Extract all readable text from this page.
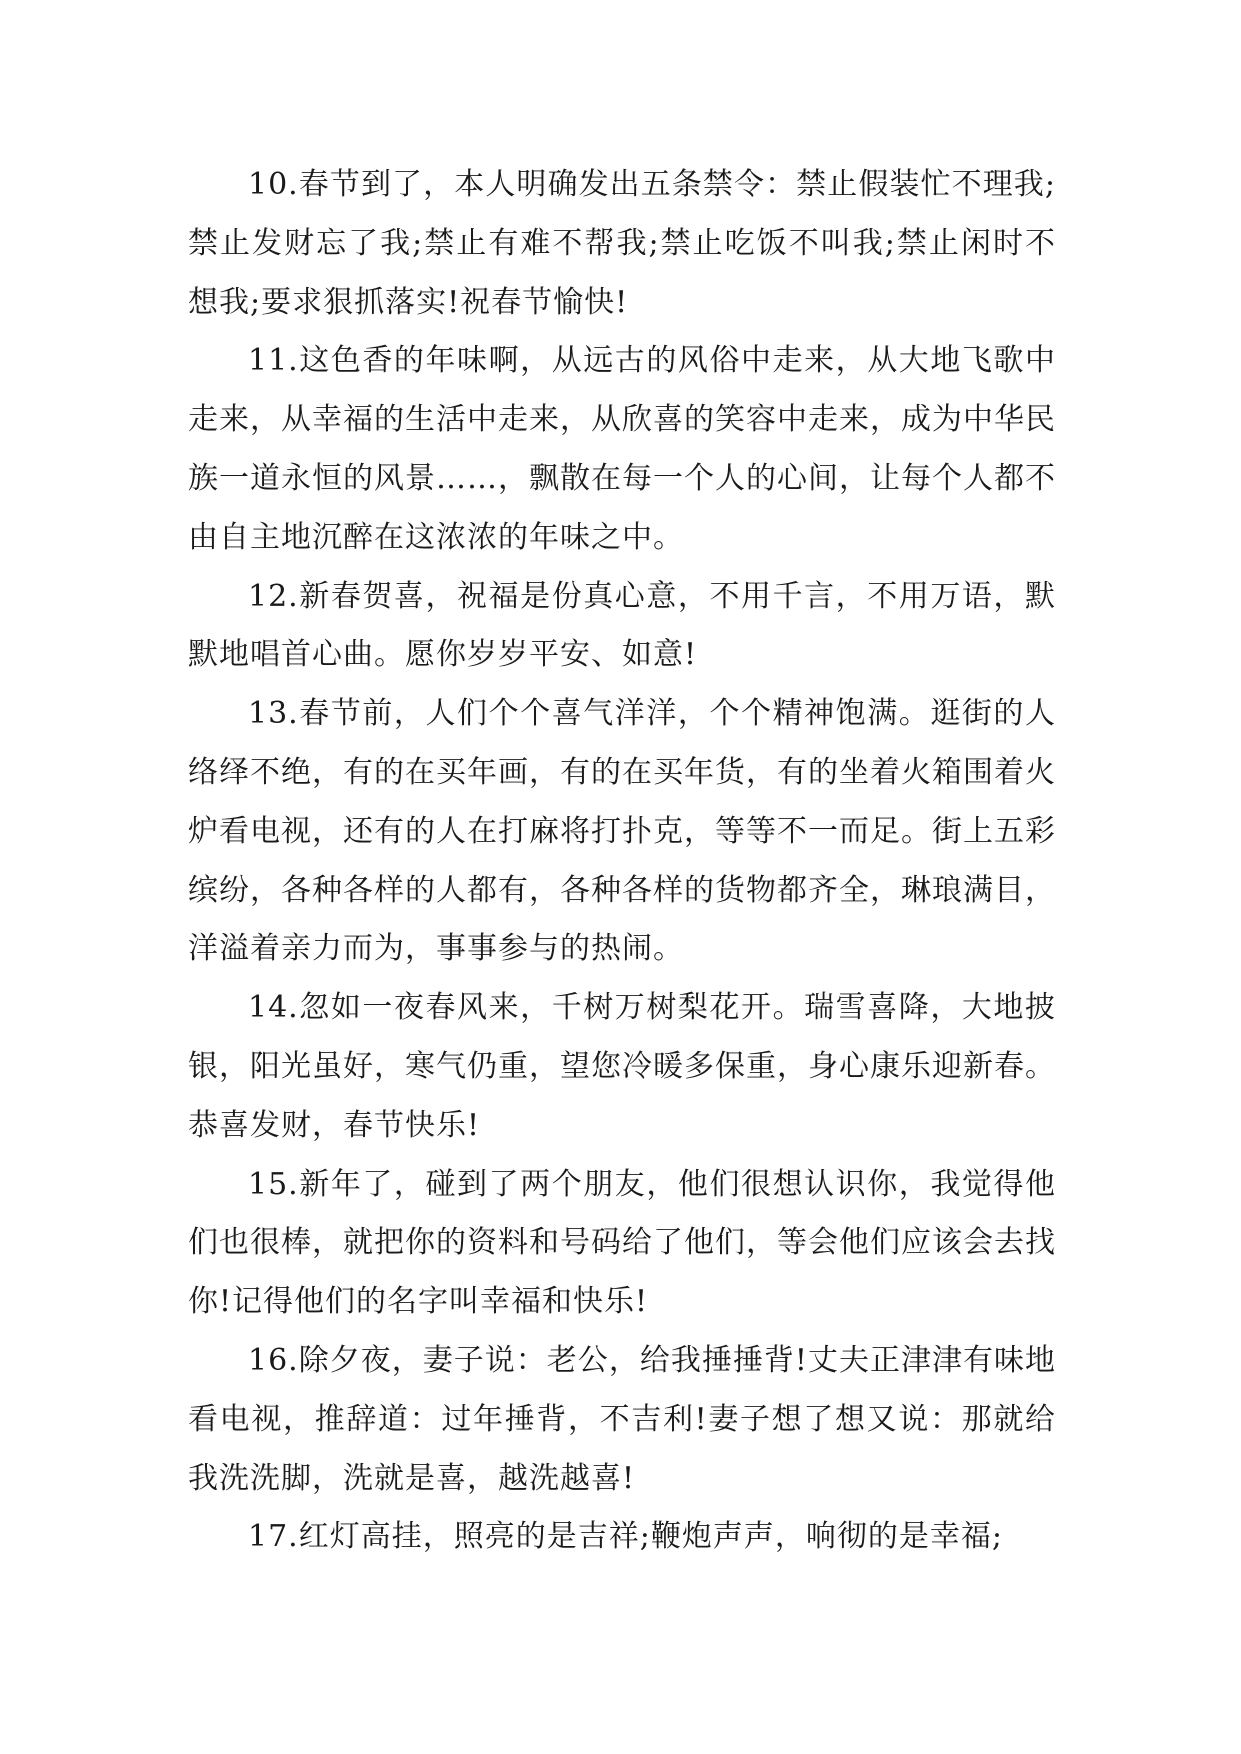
10.春节到了，本人明确发出五条禁令：禁止假装忙不理我;禁止发财忘了我;禁止有难不帮我;禁止吃饭不叫我;禁止闲时不想我;要求狠抓落实!祝春节愉快!

11.这色香的年味啊，从远古的风俗中走来，从大地飞歌中走来，从幸福的生活中走来，从欣喜的笑容中走来，成为中华民族一道永恒的风景……，飘散在每一个人的心间，让每个人都不由自主地沉醉在这浓浓的年味之中。

12.新春贺喜，祝福是份真心意，不用千言，不用万语，默默地唱首心曲。愿你岁岁平安、如意!

13.春节前，人们个个喜气洋洋，个个精神饱满。逛街的人络绎不绝，有的在买年画，有的在买年货，有的坐着火箱围着火炉看电视，还有的人在打麻将打扑克，等等不一而足。街上五彩缤纷，各种各样的人都有，各种各样的货物都齐全，琳琅满目，洋溢着亲力而为，事事参与的热闹。

14.忽如一夜春风来，千树万树梨花开。瑞雪喜降，大地披银，阳光虽好，寒气仍重，望您冷暖多保重，身心康乐迎新春。恭喜发财，春节快乐!

15.新年了，碰到了两个朋友，他们很想认识你，我觉得他们也很棒，就把你的资料和号码给了他们，等会他们应该会去找你!记得他们的名字叫幸福和快乐!

16.除夕夜，妻子说：老公，给我捶捶背!丈夫正津津有味地看电视，推辞道：过年捶背，不吉利!妻子想了想又说：那就给我洗洗脚，洗就是喜，越洗越喜!

17.红灯高挂，照亮的是吉祥;鞭炮声声，响彻的是幸福;
